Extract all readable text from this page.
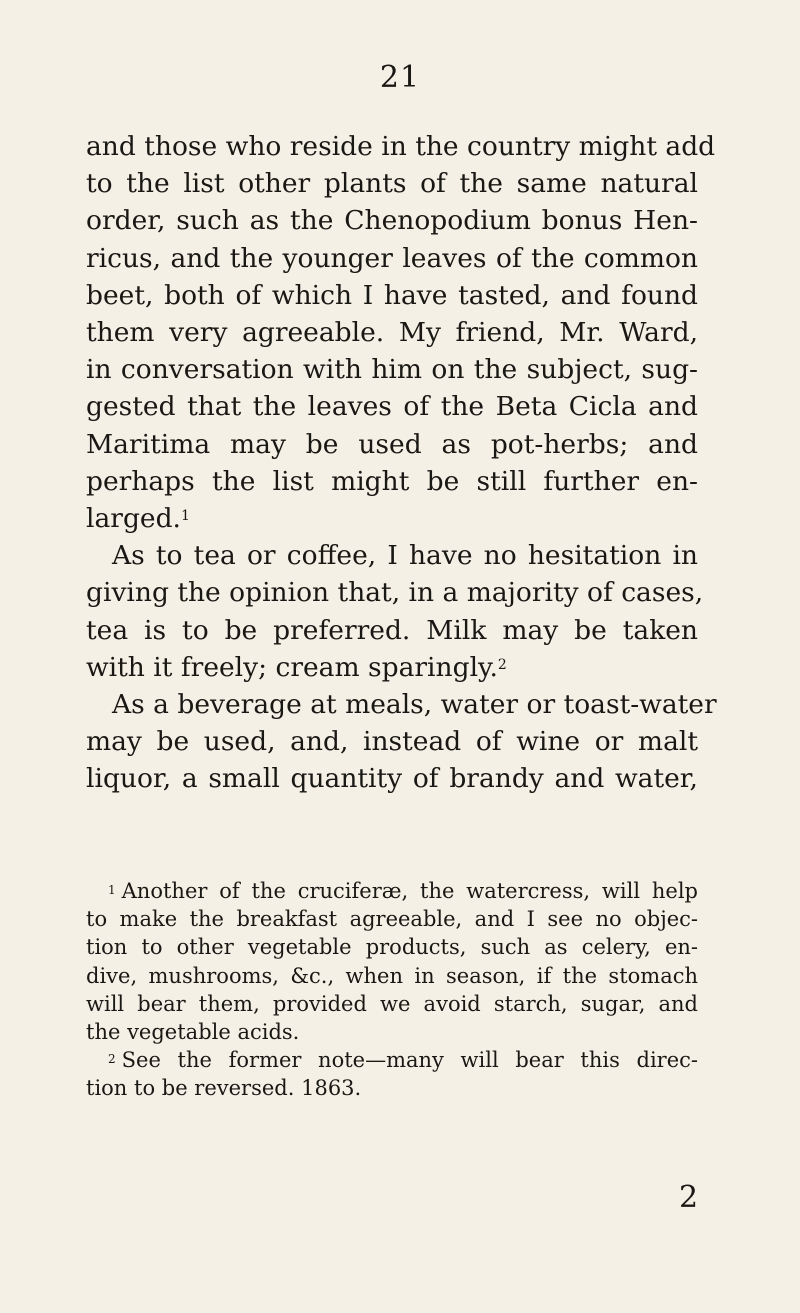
21
and those who reside in the country might add
to the list other plants of the same natural
order, such as the Chenopodium bonus Hen-
ricus, and the younger leaves of the common
beet, both of which I have tasted, and found
them very agreeable. My friend, Mr. Ward,
in conversation with him on the subject, sug-
gested that the leaves of the Beta Cicla and
Maritima may be used as pot-herbs; and
perhaps the list might be still further en-
larged.$^1$
As to tea or coffee, I have no hesitation in
giving the opinion that, in a majority of cases,
tea is to be preferred. Milk may be taken
with it freely; cream sparingly.$^2$
As a beverage at meals, water or toast-water
may be used, and, instead of wine or malt
liquor, a small quantity of brandy and water,
$^1$ Another of the cruciferæ, the watercress, will help
to make the breakfast agreeable, and I see no objec-
tion to other vegetable products, such as celery, en-
dive, mushrooms, &c., when in season, if the stomach
will bear them, provided we avoid starch, sugar, and
the vegetable acids.
$^2$ See the former note—many will bear this direc-
tion to be reversed. 1863.
2
